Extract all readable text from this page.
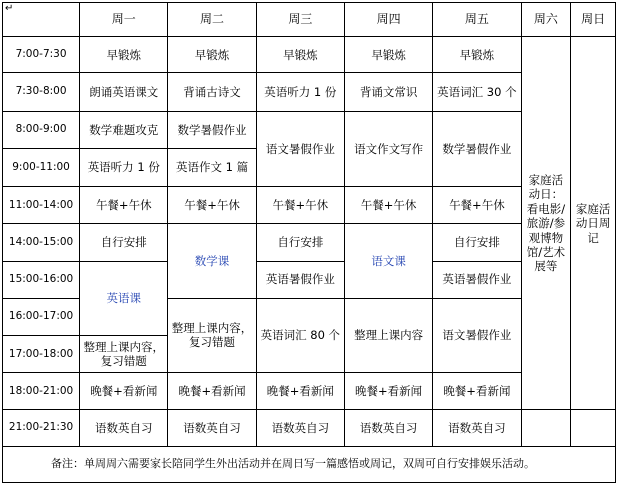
↵	周一	周二	周三	周四	周五	周六	周日
7:00-7:30	早锻炼	早锻炼	早锻炼	早锻炼	早锻炼	家庭活动日：看电影/旅游/参观博物馆/艺术展等	家庭活动日周记
7:30-8:00	朗诵英语课文	背诵古诗文	英语听力 1 份	背诵文常识	英语词汇 30 个		
8:00-9:00	数学难题攻克	数学暑假作业	语文暑假作业	语文作文写作	数学暑假作业		
9:00-11:00	英语听力 1 份	英语作文 1 篇					
11:00-14:00	午餐+午休	午餐+午休	午餐+午休	午餐+午休	午餐+午休		
14:00-15:00	自行安排	数学课	自行安排	语文课	自行安排		
15:00-16:00	英语课		英语暑假作业		英语暑假作业		
16:00-17:00		整理上课内容，复习错题	英语词汇 80 个	整理上课内容	语文暑假作业		
17:00-18:00	整理上课内容，复习错题						
18:00-21:00	晚餐+看新闻	晚餐+看新闻	晚餐+看新闻	晚餐+看新闻	晚餐+看新闻		
21:00-21:30	语数英自习	语数英自习	语数英自习	语数英自习	语数英自习		
备注：单周周六需要家长陪同学生外出活动并在周日写一篇感悟或周记，双周可自行安排娱乐活动。							
